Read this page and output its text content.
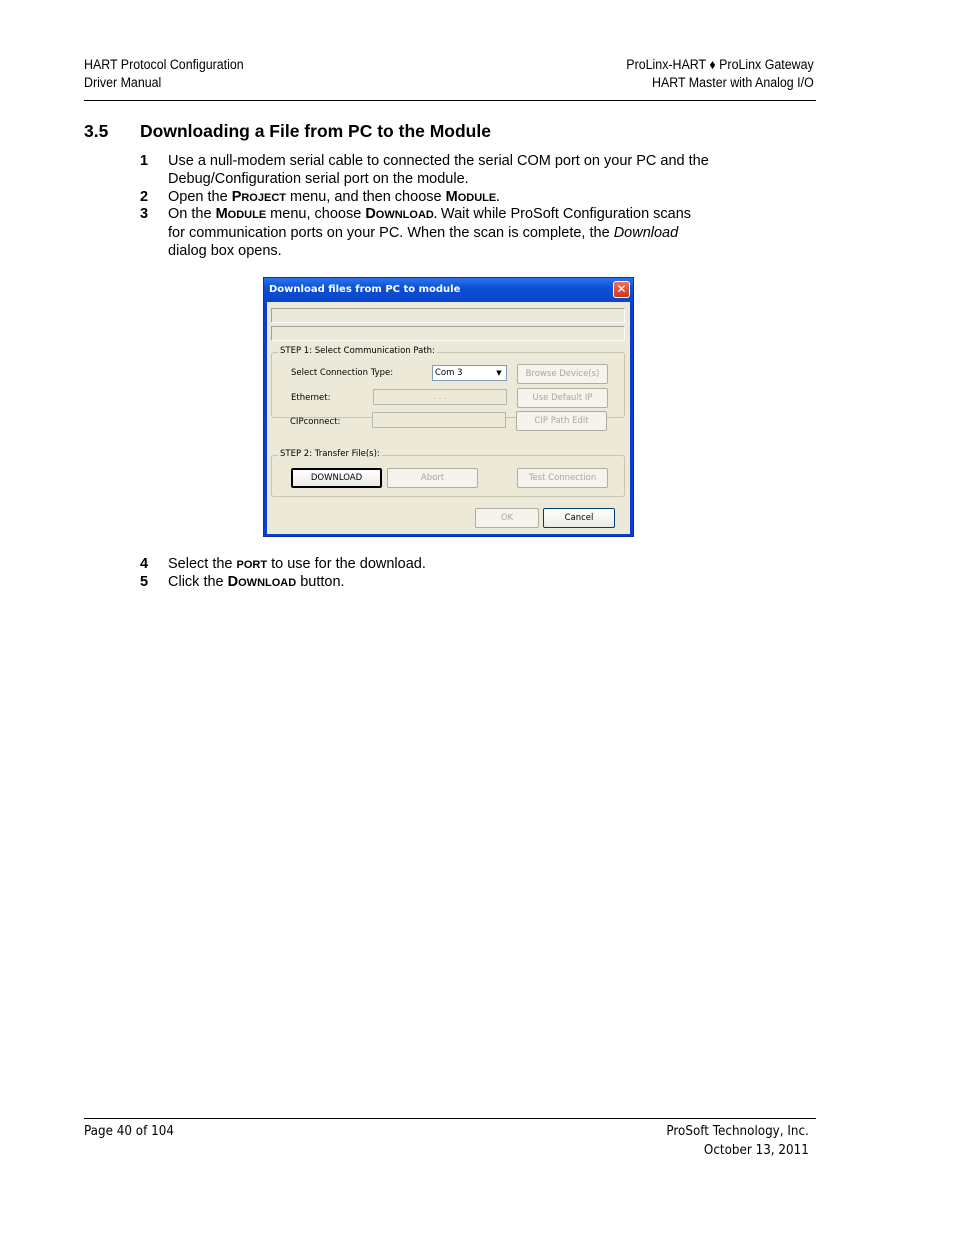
HART Protocol Configuration
Driver Manual
ProLinx-HART ♦ ProLinx Gateway
HART Master with Analog I/O
3.5 Downloading a File from PC to the Module
1 Use a null-modem serial cable to connected the serial COM port on your PC and the
Debug/Configuration serial port on the module.
2 Open the PROJECT menu, and then choose MODULE.
3 On the MODULE menu, choose DOWNLOAD. Wait while ProSoft Configuration scans
for communication ports on your PC. When the scan is complete, the Download
dialog box opens.
Download files from PC to module	✕
STEP 1: Select Communication Path:
Select Connection Type:	Com 3	▼	Browse Device(s)
Ethernet:	. . .	Use Default IP
CIPconnect:	CIP Path Edit
STEP 2: Transfer File(s):
DOWNLOAD	Abort	Test Connection
OK	Cancel
4 Select the PORT to use for the download.
5 Click the DOWNLOAD button.
Page 40 of 104	ProSoft Technology, Inc.
October 13, 2011
